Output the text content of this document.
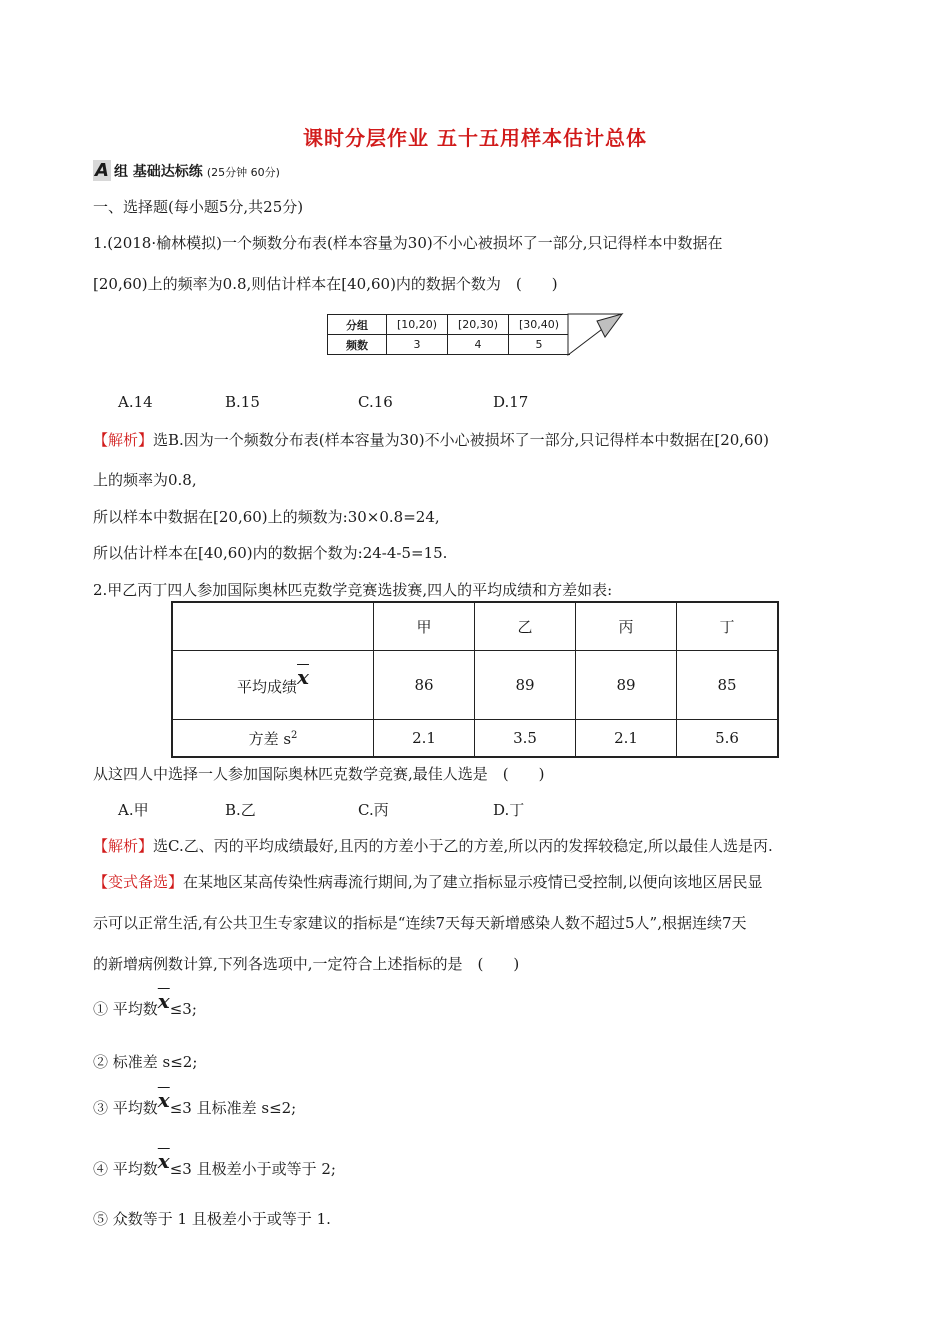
课时分层作业 五十五用样本估计总体
A 组 基础达标练 (25分钟 60分)
一、选择题(每小题5分,共25分)
1.(2018·榆林模拟)一个频数分布表(样本容量为30)不小心被损坏了一部分,只记得样本中数据在
[20,60)上的频率为0.8,则估计样本在[40,60)内的数据个数为　(　　)
分组	[10,20)	[20,30)	[30,40)
频数	3	4	5
A.14	B.15	C.16	D.17
【解析】选B.因为一个频数分布表(样本容量为30)不小心被损坏了一部分,只记得样本中数据在[20,60)
上的频率为0.8,
所以样本中数据在[20,60)上的频数为:30×0.8=24,
所以估计样本在[40,60)内的数据个数为:24-4-5=15.
2.甲乙丙丁四人参加国际奥林匹克数学竞赛选拔赛,四人的平均成绩和方差如表:
	甲	乙	丙	丁
平均成绩$\overline{x}$	86	89	89	85
方差 $s^2$	2.1	3.5	2.1	5.6
从这四人中选择一人参加国际奥林匹克数学竞赛,最佳人选是　(　　)
A.甲	B.乙	C.丙	D.丁
【解析】选C.乙、丙的平均成绩最好,且丙的方差小于乙的方差,所以丙的发挥较稳定,所以最佳人选是丙.
【变式备选】在某地区某高传染性病毒流行期间,为了建立指标显示疫情已受控制,以便向该地区居民显
示可以正常生活,有公共卫生专家建议的指标是“连续7天每天新增感染人数不超过5人”,根据连续7天
的新增病例数计算,下列各选项中,一定符合上述指标的是　(　　)
① 平均数$\overline{x}\le 3$;
② 标准差 s≤2;
③ 平均数$\overline{x}\le 3$ 且标准差 s≤2;
④ 平均数$\overline{x}\le 3$ 且极差小于或等于 2;
⑤ 众数等于 1 且极差小于或等于 1.
